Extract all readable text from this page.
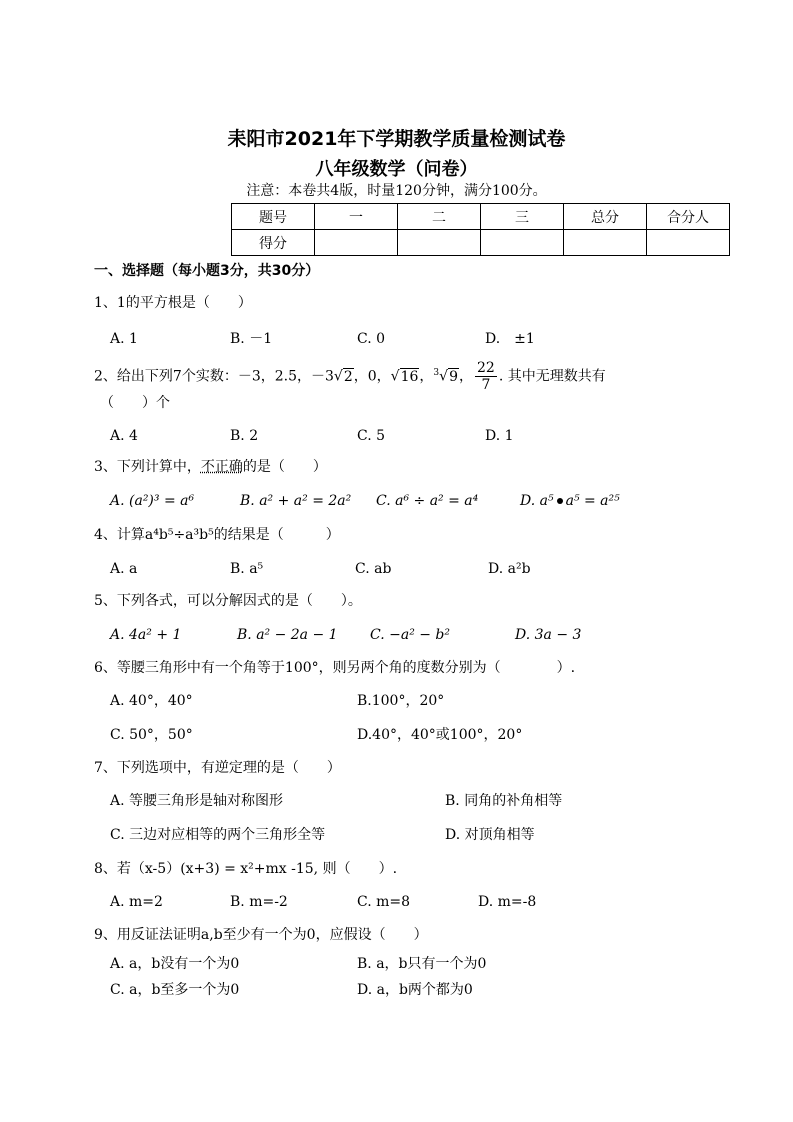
耒阳市2021年下学期教学质量检测试卷
八年级数学（问卷）
注意：本卷共4版，时量120分钟，满分100分。
题号	一	二	三	总分	合分人
得分					
一、选择题（每小题3分，共30分）
1、1的平方根是（　　）
A. 1	B. －1	C. 0	D.　±1
2、给出下列7个实数：－3，2.5，－3√2，0，√16，$^3$√9， $\frac{22}{7}$ . 其中无理数共有
（　　）个
A. 4	B. 2	C. 5	D. 1
3、下列计算中，不正确的是（　　）
A. (a²)³ = a⁶	B. a² + a² = 2a² C. a⁶ ÷ a² = a⁴	D. a⁵ a⁵ = a²⁵
4、计算a⁴b⁵÷a³b⁵的结果是（　　　）
A. a	B. a⁵	C. ab	D. a²b
5、下列各式，可以分解因式的是（　　）。
A. 4a² + 1	B. a² − 2a − 1 C. −a² − b²	D. 3a − 3
6、等腰三角形中有一个角等于100°，则另两个角的度数分别为（　　　　）.
A. 40°，40°	B.100°，20°
C. 50°，50°	D.40°，40°或100°，20°
7、下列选项中，有逆定理的是（　　）
A. 等腰三角形是轴对称图形	B. 同角的补角相等
C. 三边对应相等的两个三角形全等	D. 对顶角相等
8、若（x-5）(x+3) = x²+mx -15, 则（　　）.
A. m=2	B. m=-2	C. m=8	D. m=-8
9、用反证法证明a,b至少有一个为0，应假设（　　）
A. a，b没有一个为0	B. a，b只有一个为0
C. a，b至多一个为0	D. a，b两个都为0
